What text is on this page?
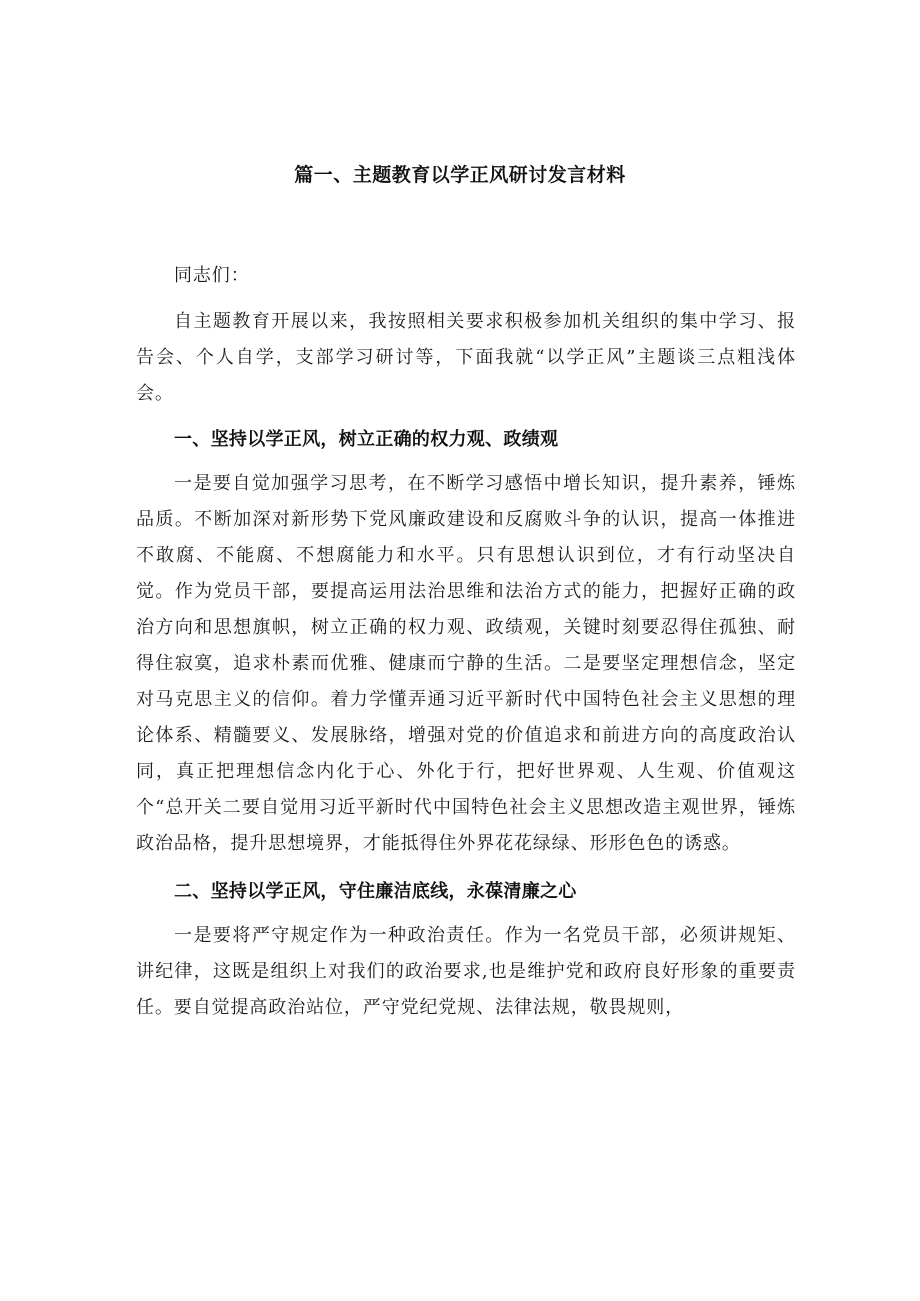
篇一、主题教育以学正风研讨发言材料

同志们：

自主题教育开展以来，我按照相关要求积极参加机关组织的集中学习、报告会、个人自学，支部学习研讨等，下面我就“以学正风”主题谈三点粗浅体会。

一、坚持以学正风，树立正确的权力观、政绩观

一是要自觉加强学习思考，在不断学习感悟中增长知识，提升素养，锤炼品质。不断加深对新形势下党风廉政建设和反腐败斗争的认识，提高一体推进不敢腐、不能腐、不想腐能力和水平。只有思想认识到位，才有行动坚决自觉。作为党员干部，要提高运用法治思维和法治方式的能力，把握好正确的政治方向和思想旗帜，树立正确的权力观、政绩观，关键时刻要忍得住孤独、耐得住寂寞，追求朴素而优雅、健康而宁静的生活。二是要坚定理想信念，坚定对马克思主义的信仰。着力学懂弄通习近平新时代中国特色社会主义思想的理论体系、精髓要义、发展脉络，增强对党的价值追求和前进方向的高度政治认同，真正把理想信念内化于心、外化于行，把好世界观、人生观、价值观这个“总开关二要自觉用习近平新时代中国特色社会主义思想改造主观世界，锤炼政治品格，提升思想境界，才能抵得住外界花花绿绿、形形色色的诱惑。

二、坚持以学正风，守住廉洁底线，永葆清廉之心

一是要将严守规定作为一种政治责任。作为一名党员干部，必须讲规矩、讲纪律，这既是组织上对我们的政治要求,也是维护党和政府良好形象的重要责任。要自觉提高政治站位，严守党纪党规、法律法规，敬畏规则，
